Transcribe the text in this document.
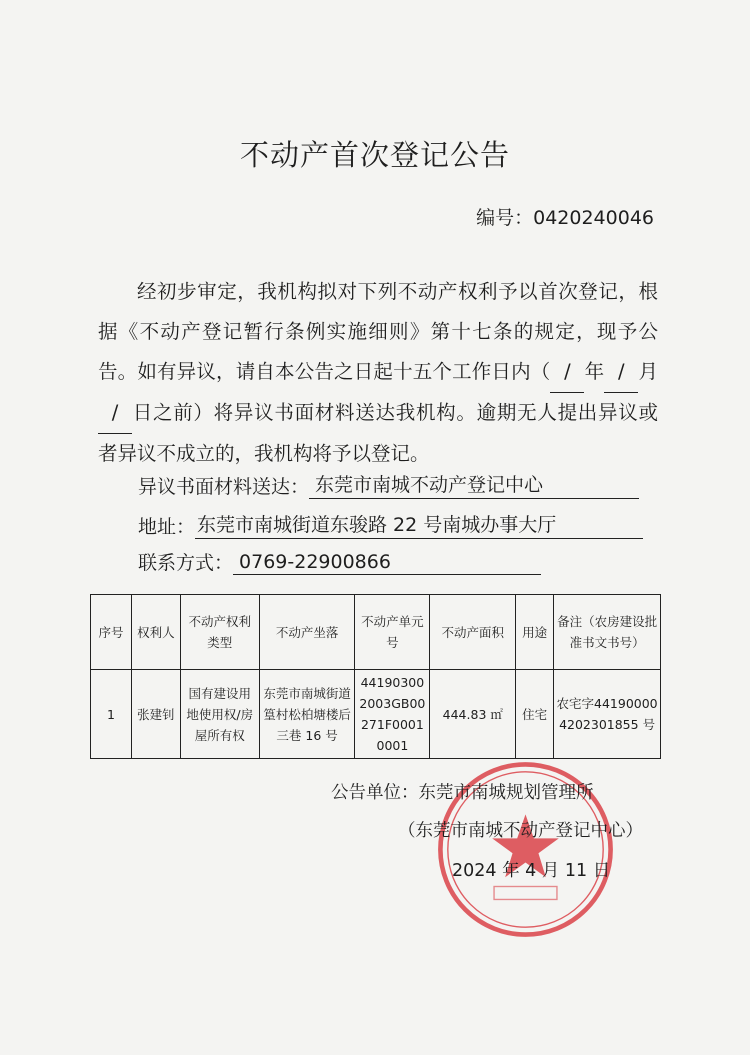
不动产首次登记公告
编号：0420240046

经初步审定，我机构拟对下列不动产权利予以首次登记，根据《不动产登记暂行条例实施细则》第十七条的规定，现予公告。如有异议，请自本公告之日起十五个工作日内（ / 年 / 月/ 日之前）将异议书面材料送达我机构。逾期无人提出异议或者异议不成立的，我机构将予以登记。

异议书面材料送达： 东莞市南城不动产登记中心
地址： 东莞市南城街道东骏路 22 号南城办事大厅
联系方式： 0769-22900866
序号	权利人	不动产权利类型	不动产坐落	不动产单元号	不动产面积	用途	备注（农房建设批准书文书号）
1	张建钊	国有建设用地使用权/房屋所有权	东莞市南城街道篁村松柏塘楼后三巷 16 号	441903002003GB00271F00010001	444.83 ㎡	住宅	农宅字441900004202301855 号
公告单位：东莞市南城规划管理所
（东莞市南城不动产登记中心）
2024 年 4 月 11 日
